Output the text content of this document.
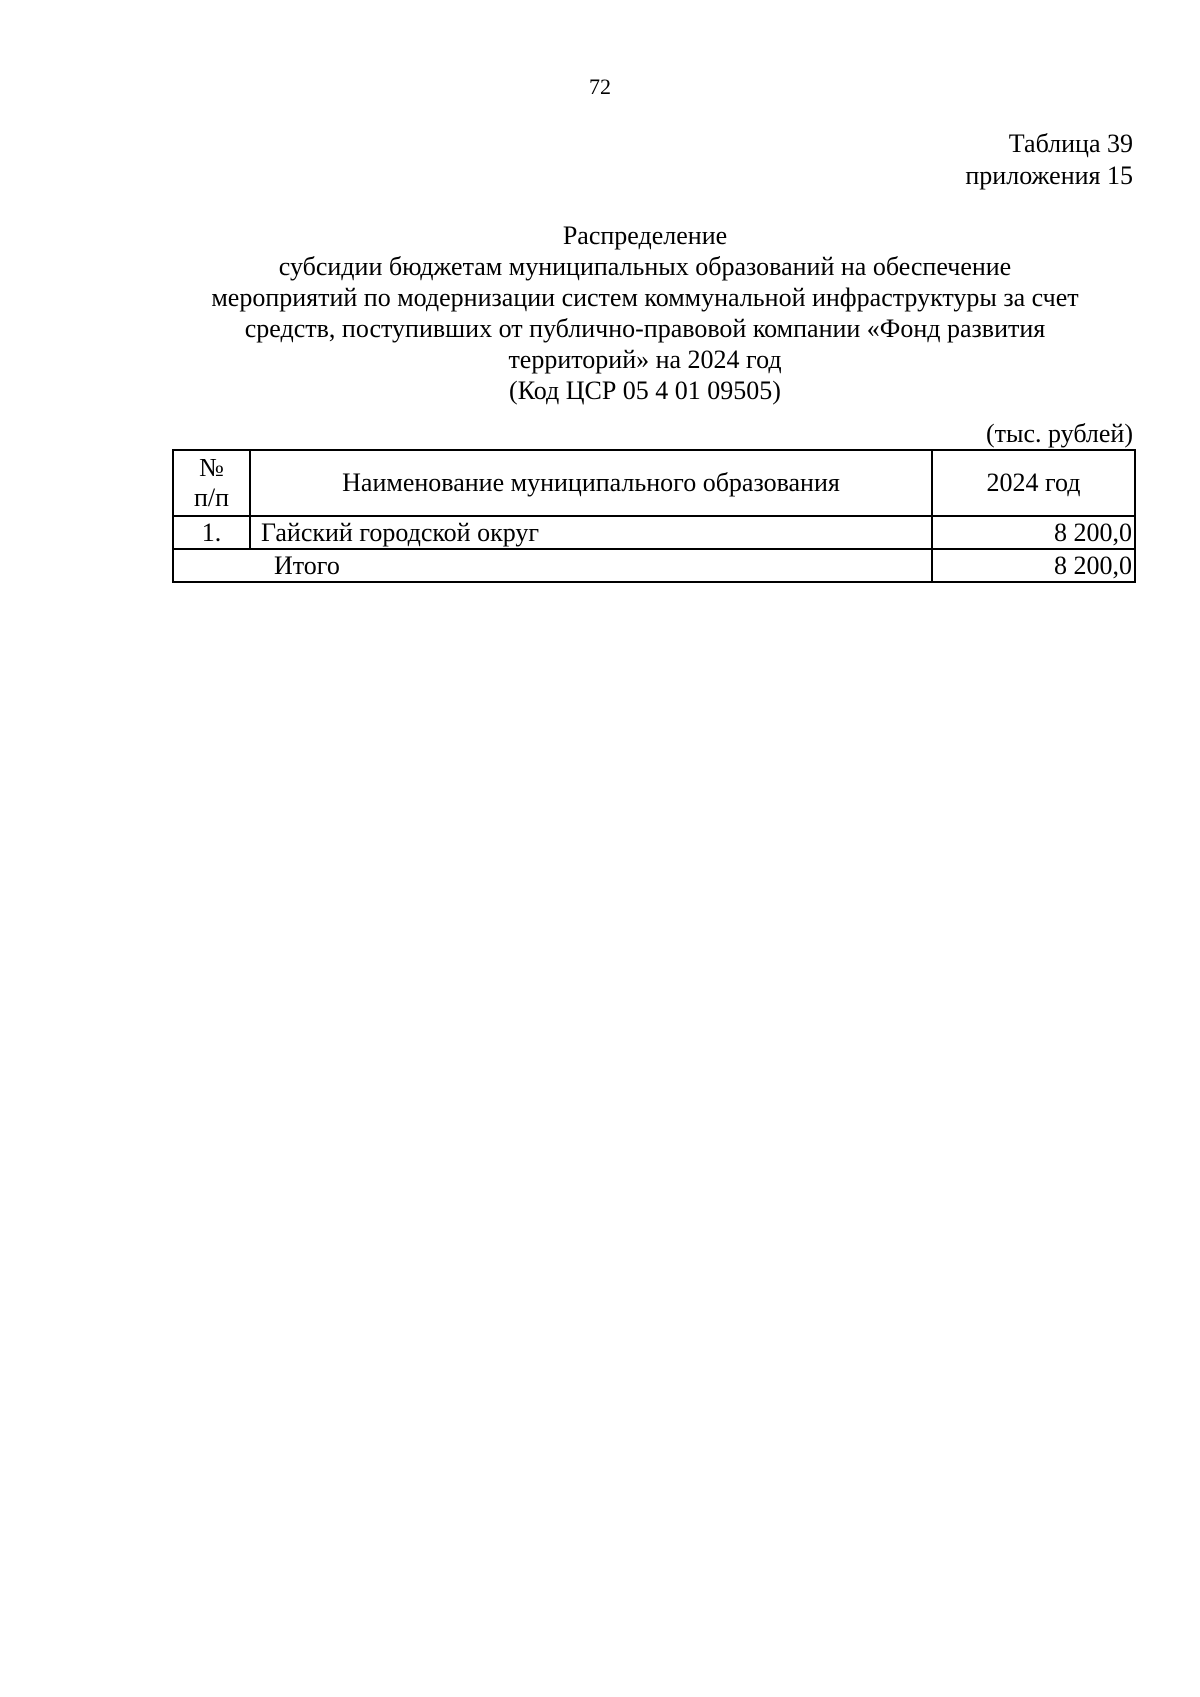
72
Таблица 39
приложения 15
Распределение
субсидии бюджетам муниципальных образований на обеспечение
мероприятий по модернизации систем коммунальной инфраструктуры за счет
средств, поступивших от публично-правовой компании «Фонд развития
территорий» на 2024 год
(Код ЦСР 05 4 01 09505)
(тыс. рублей)
№
п/п	Наименование муниципального образования	2024 год
1.	Гайский городской округ	8 200,0
Итого		8 200,0
